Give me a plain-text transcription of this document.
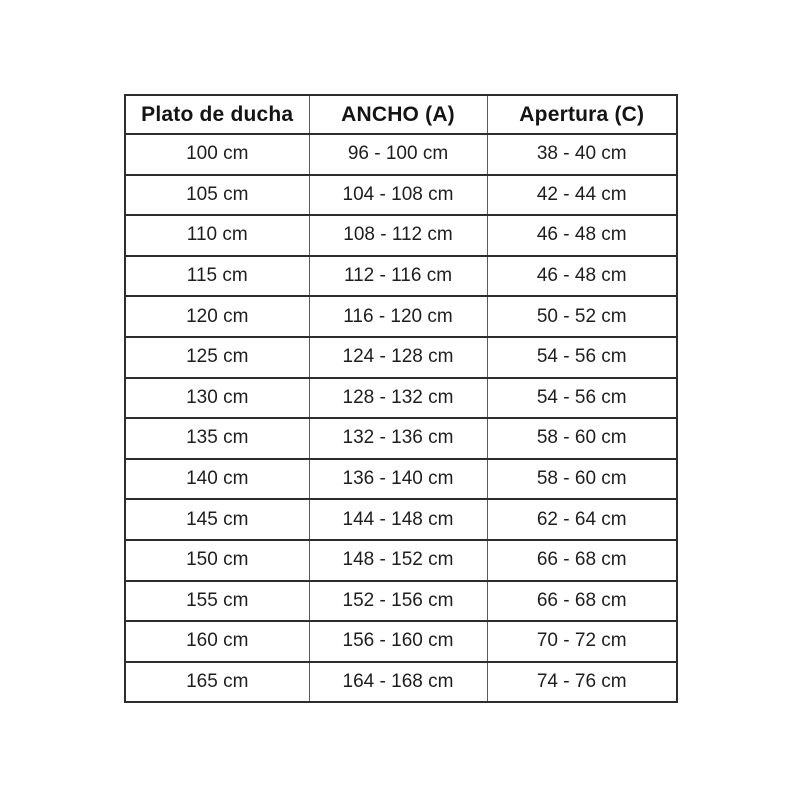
Plato de ducha	ANCHO (A)	Apertura (C)
100 cm	96 - 100 cm	38 - 40 cm
105 cm	104 - 108 cm	42 - 44 cm
110 cm	108 - 112 cm	46 - 48 cm
115 cm	112 - 116 cm	46 - 48 cm
120 cm	116 - 120 cm	50 - 52 cm
125 cm	124 - 128 cm	54 - 56 cm
130 cm	128 - 132 cm	54 - 56 cm
135 cm	132 - 136 cm	58 - 60 cm
140 cm	136 - 140 cm	58 - 60 cm
145 cm	144 - 148 cm	62 - 64 cm
150 cm	148 - 152 cm	66 - 68 cm
155 cm	152 - 156 cm	66 - 68 cm
160 cm	156 - 160 cm	70 - 72 cm
165 cm	164 - 168 cm	74 - 76 cm
